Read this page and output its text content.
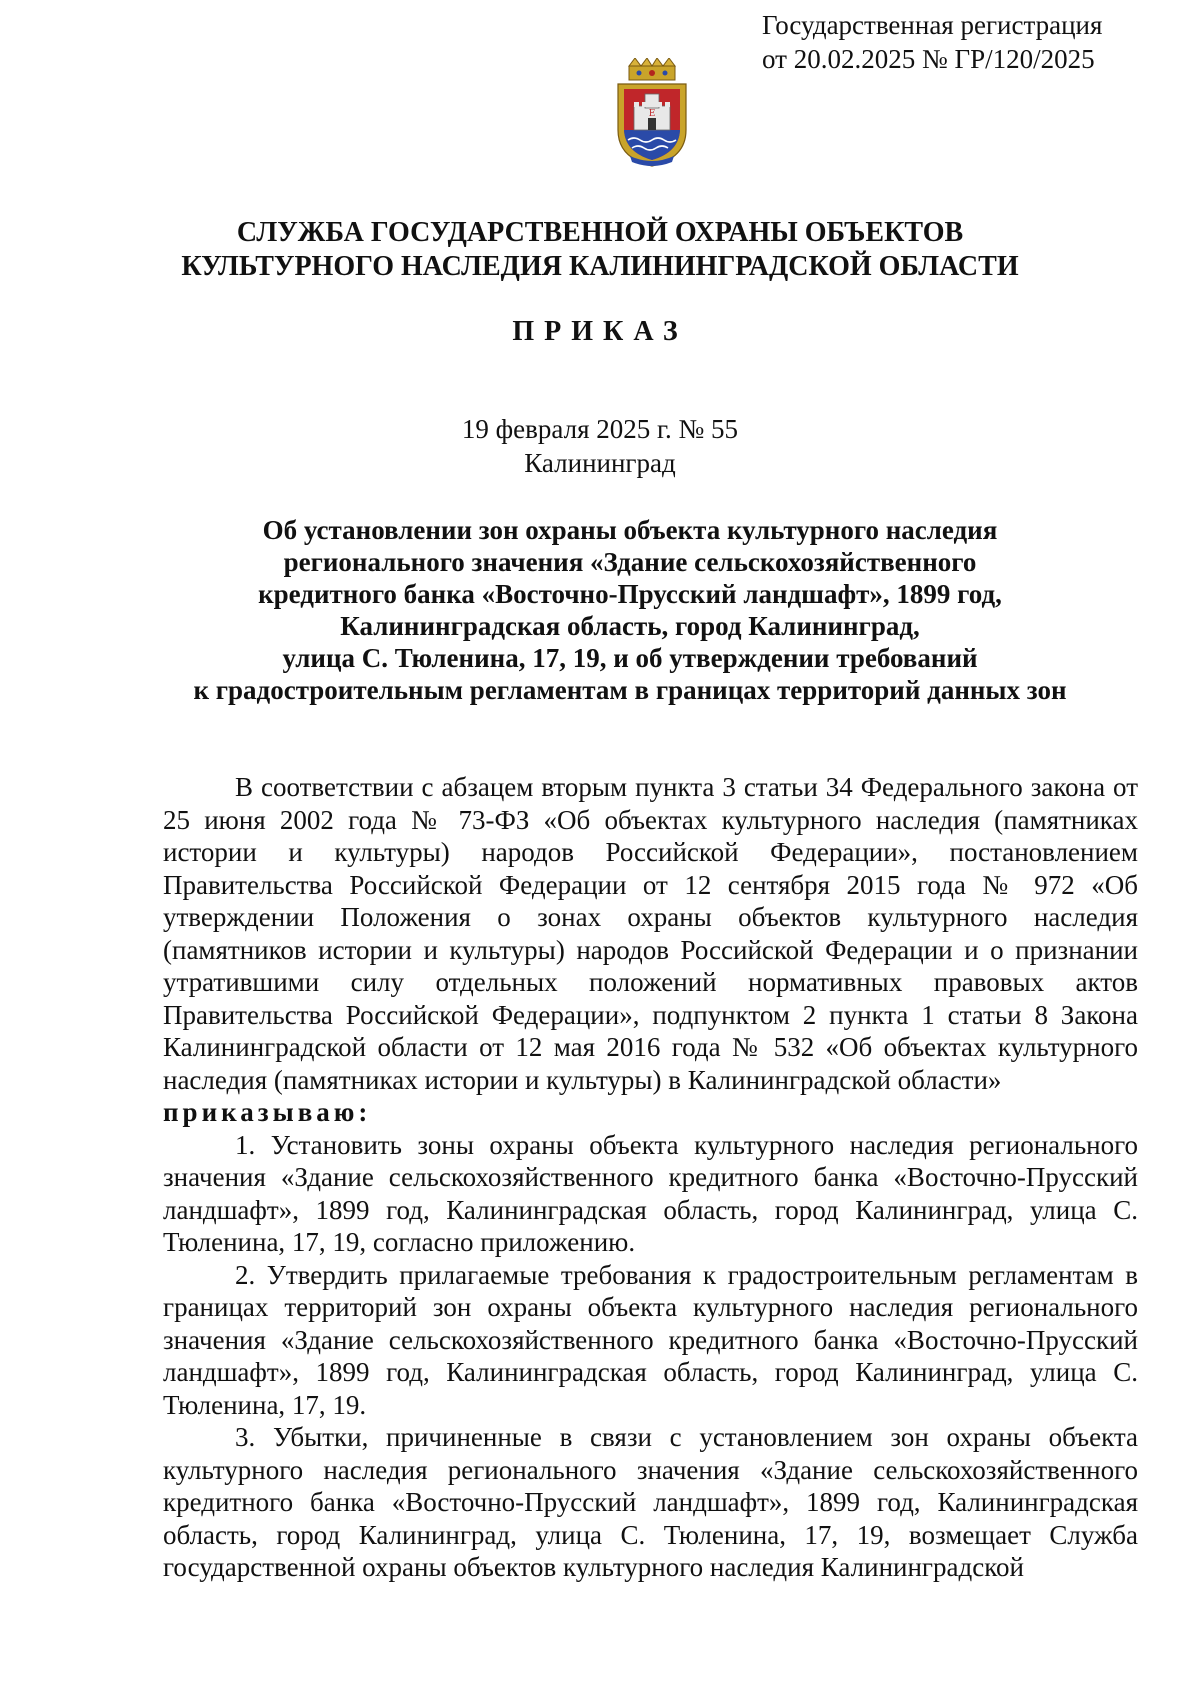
Государственная регистрация
от 20.02.2025 № ГР/120/2025
Е
СЛУЖБА ГОСУДАРСТВЕННОЙ ОХРАНЫ ОБЪЕКТОВ
КУЛЬТУРНОГО НАСЛЕДИЯ КАЛИНИНГРАДСКОЙ ОБЛАСТИ
ПРИКАЗ
19 февраля 2025 г. № 55
Калининград
Об установлении зон охраны объекта культурного наследия
регионального значения «Здание сельскохозяйственного
кредитного банка «Восточно-Прусский ландшафт», 1899 год,
Калининградская область, город Калининград,
улица С. Тюленина, 17, 19, и об утверждении требований
к градостроительным регламентам в границах территорий данных зон

В соответствии с абзацем вторым пункта 3 статьи 34 Федерального закона от 25 июня 2002 года № 73-ФЗ «Об объектах культурного наследия (памятниках истории и культуры) народов Российской Федерации», постановлением Правительства Российской Федерации от 12 сентября 2015 года № 972 «Об утверждении Положения о зонах охраны объектов культурного наследия (памятников истории и культуры) народов Российской Федерации и о признании утратившими силу отдельных положений нормативных правовых актов Правительства Российской Федерации», подпунктом 2 пункта 1 статьи 8 Закона Калининградской области от 12 мая 2016 года № 532 «Об объектах культурного наследия (памятниках истории и культуры) в Калининградской области»

приказываю:

1. Установить зоны охраны объекта культурного наследия регионального значения «Здание сельскохозяйственного кредитного банка «Восточно-Прусский ландшафт», 1899 год, Калининградская область, город Калининград, улица С. Тюленина, 17, 19, согласно приложению.

2. Утвердить прилагаемые требования к градостроительным регламентам в границах территорий зон охраны объекта культурного наследия регионального значения «Здание сельскохозяйственного кредитного банка «Восточно-Прусский ландшафт», 1899 год, Калининградская область, город Калининград, улица С. Тюленина, 17, 19.

3. Убытки, причиненные в связи с установлением зон охраны объекта культурного наследия регионального значения «Здание сельскохозяйственного кредитного банка «Восточно-Прусский ландшафт», 1899 год, Калининградская область, город Калининград, улица С. Тюленина, 17, 19, возмещает Служба государственной охраны объектов культурного наследия Калининградской
